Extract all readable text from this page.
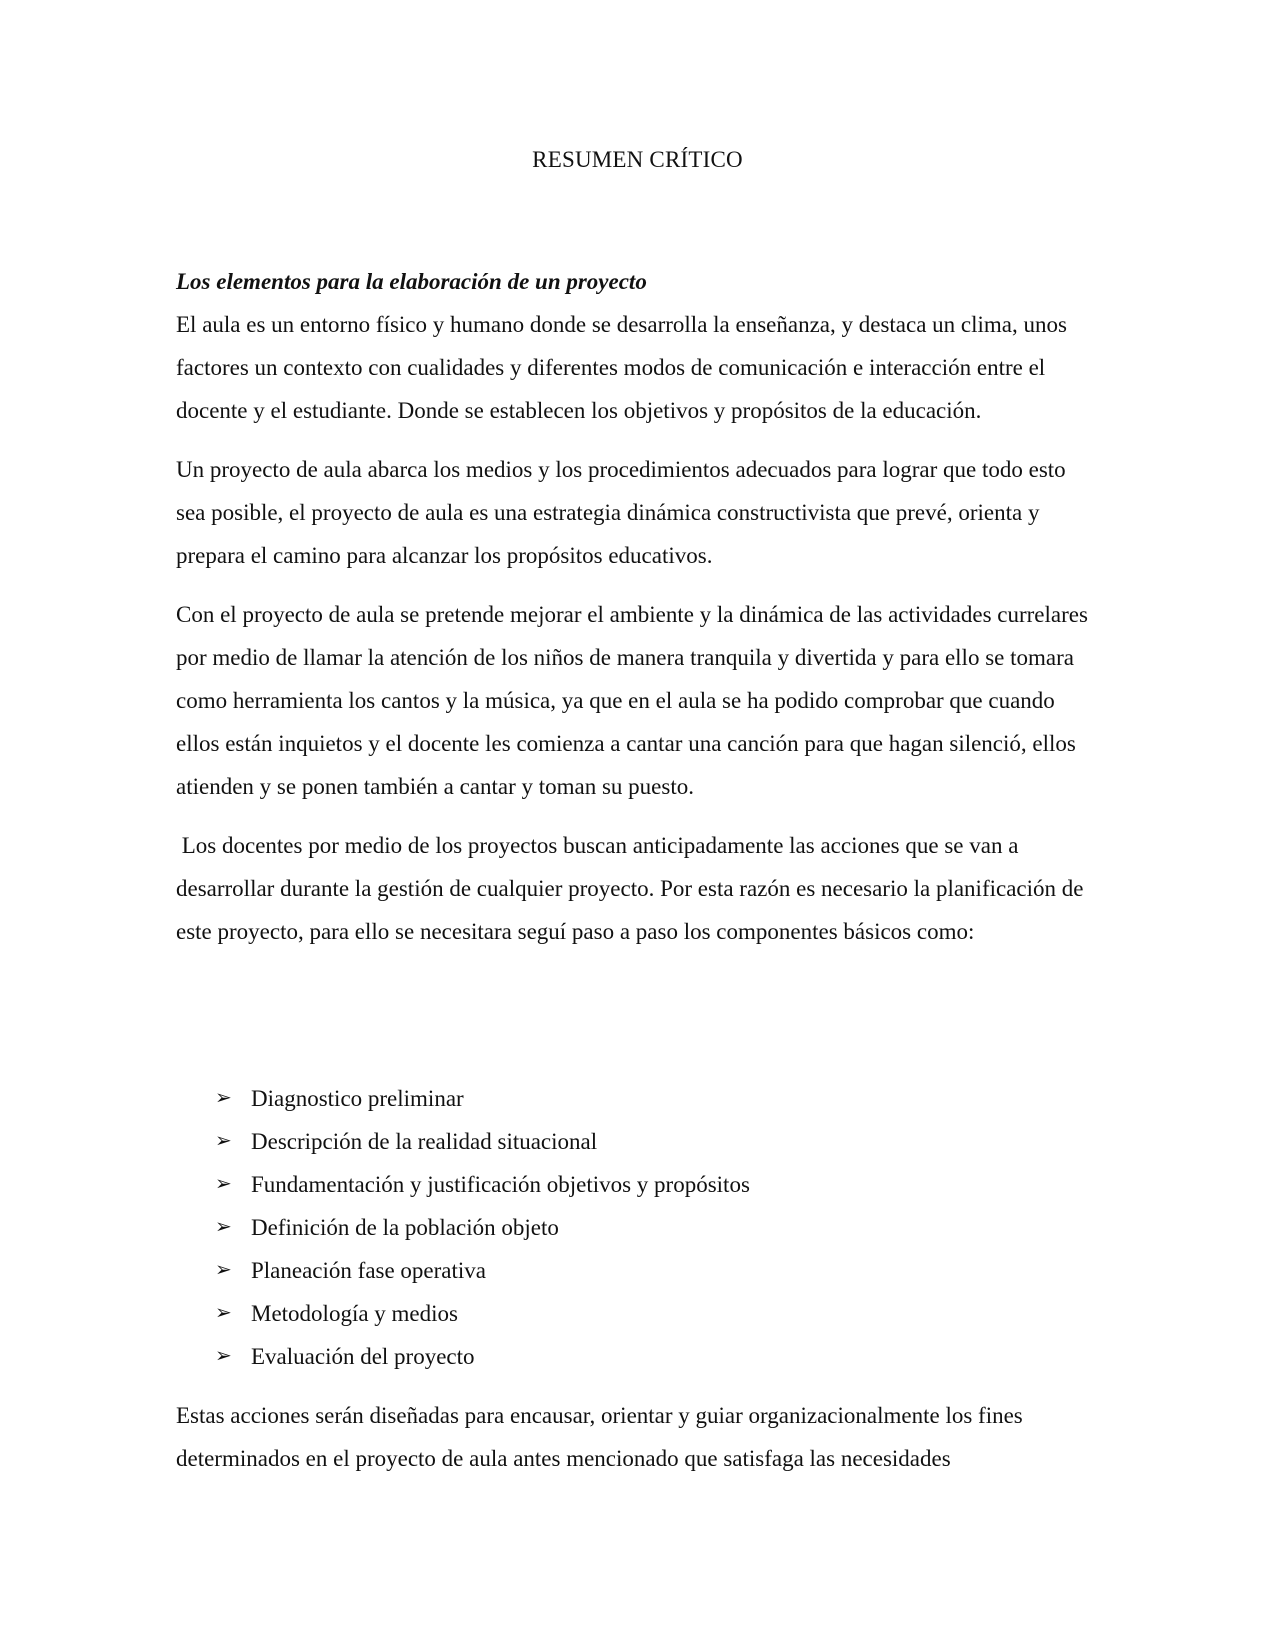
RESUMEN CRÍTICO
Los elementos para la elaboración de un proyecto

El aula es un entorno físico y humano donde se desarrolla la enseñanza, y destaca un clima, unos factores un contexto con cualidades y diferentes modos de comunicación e interacción entre el docente y el estudiante. Donde se establecen los objetivos y propósitos de la educación.

Un proyecto de aula abarca los medios y los procedimientos adecuados para lograr que todo esto sea posible, el proyecto de aula es una estrategia dinámica constructivista que prevé, orienta y prepara el camino para alcanzar los propósitos educativos.

Con el proyecto de aula se pretende mejorar el ambiente y la dinámica de las actividades currelares por medio de llamar la atención de los niños de manera tranquila y divertida y para ello se tomara como herramienta los cantos y la música, ya que en el aula se ha podido comprobar que cuando ellos están inquietos y el docente les comienza a cantar una canción para que hagan silenció, ellos atienden y se ponen también a cantar y toman su puesto.

Los docentes por medio de los proyectos buscan anticipadamente las acciones que se van a desarrollar durante la gestión de cualquier proyecto. Por esta razón es necesario la planificación de este proyecto, para ello se necesitara seguí paso a paso los componentes básicos como:

➢ Diagnostico preliminar
➢ Descripción de la realidad situacional
➢ Fundamentación y justificación objetivos y propósitos
➢ Definición de la población objeto
➢ Planeación fase operativa
➢ Metodología y medios
➢ Evaluación del proyecto
Estas acciones serán diseñadas para encausar, orientar y guiar organizacionalmente los fines determinados en el proyecto de aula antes mencionado que satisfaga las necesidades
